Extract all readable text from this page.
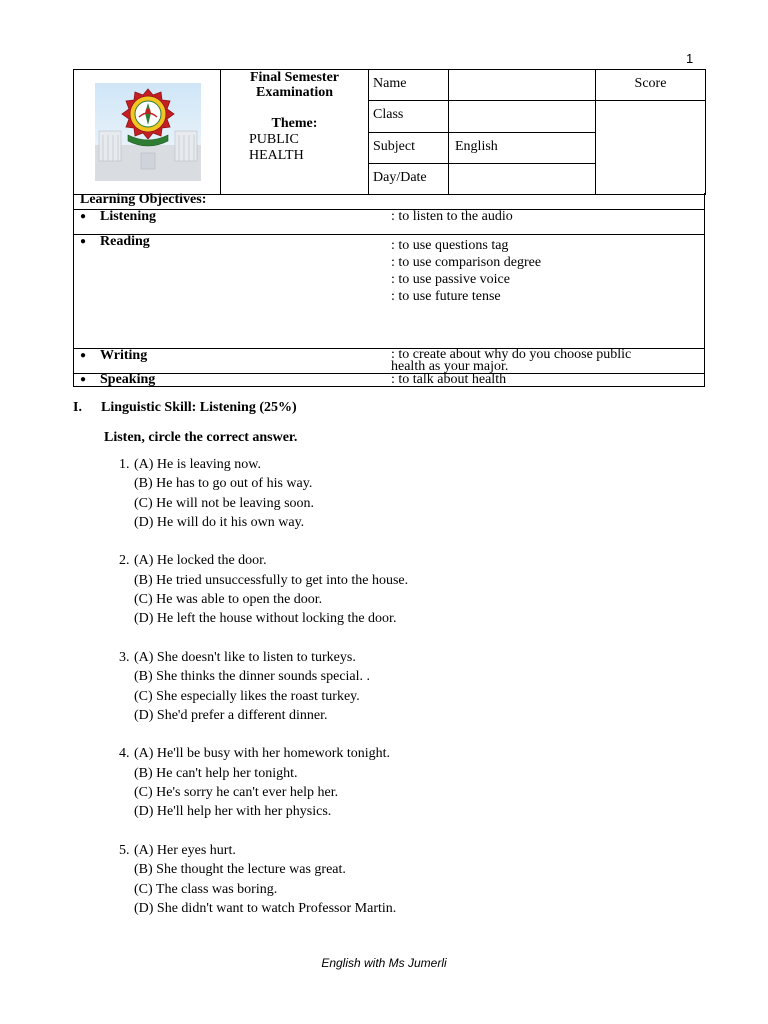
1

Final Semester Examination
Theme:
PUBLIC HEALTH	Name		Score
		Class		
		Subject	English	
		Day/Date		
Learning Objectives:	
● Listening	: to listen to the audio

● Reading	: to use questions tag
: to use comparison degree
: to use passive voice
: to use future tense

● Writing	: to create about why do you choose public
health as your major.

● Speaking	: to talk about health
I. Linguistic Skill: Listening (25%)
Listen, circle the correct answer.
1. (A) He is leaving now.
(B) He has to go out of his way.
(C) He will not be leaving soon.
(D) He will do it his own way.
2. (A) He locked the door.
(B) He tried unsuccessfully to get into the house.
(C) He was able to open the door.
(D) He left the house without locking the door.
3. (A) She doesn't like to listen to turkeys.
(B) She thinks the dinner sounds special. .
(C) She especially likes the roast turkey.
(D) She'd prefer a different dinner.
4. (A) He'll be busy with her homework tonight.
(B) He can't help her tonight.
(C) He's sorry he can't ever help her.
(D) He'll help her with her physics.
5. (A) Her eyes hurt.
(B) She thought the lecture was great.
(C) The class was boring.
(D) She didn't want to watch Professor Martin.
English with Ms Jumerli
